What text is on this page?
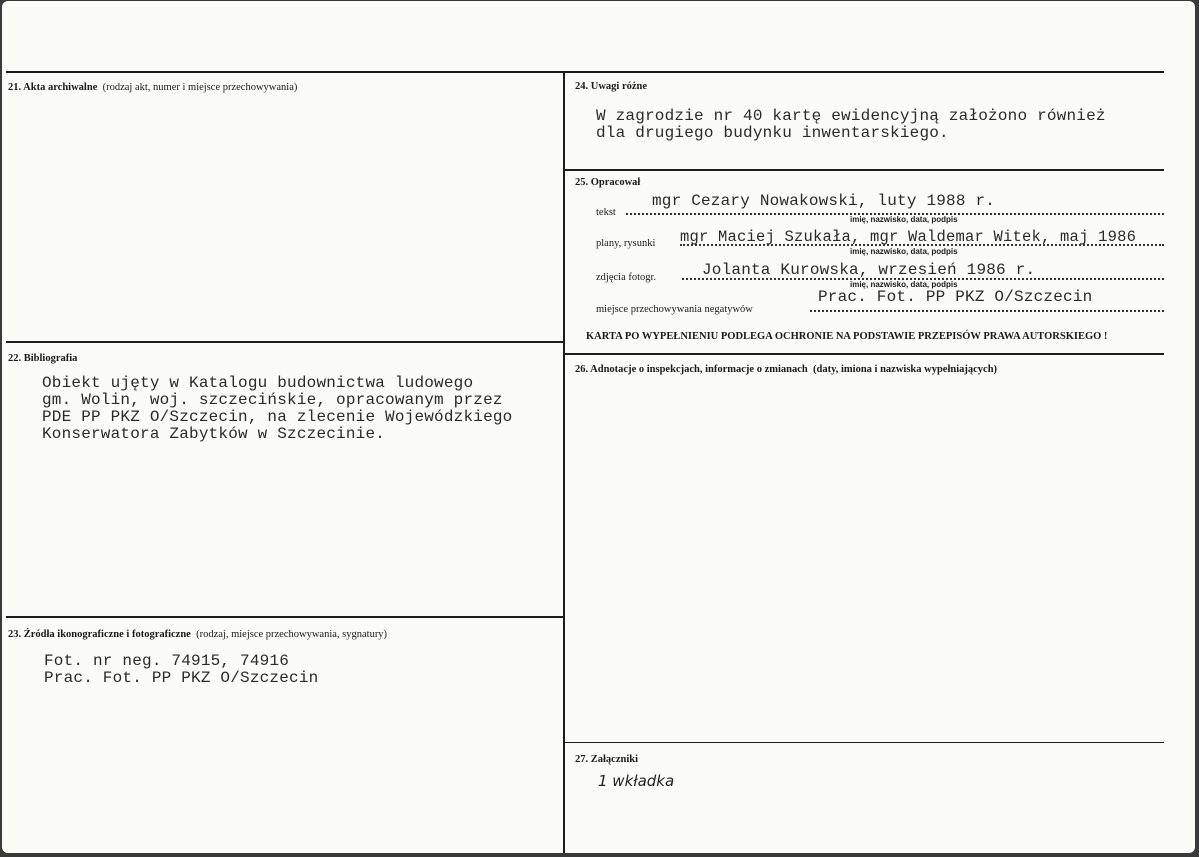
21. Akta archiwalne (rodzaj akt, numer i miejsce przechowywania)
22. Bibliografia
Obiekt ujęty w Katalogu budownictwa ludowego
gm. Wolin, woj. szczecińskie, opracowanym przez
PDE PP PKZ O/Szczecin, na zlecenie Wojewódzkiego
Konserwatora Zabytków w Szczecinie.
23. Źródła ikonograficzne i fotograficzne (rodzaj, miejsce przechowywania, sygnatury)
Fot. nr neg. 74915, 74916
Prac. Fot. PP PKZ O/Szczecin
24. Uwagi różne
W zagrodzie nr 40 kartę ewidencyjną założono również
dla drugiego budynku inwentarskiego.
25. Opracował
tekst
mgr Cezary Nowakowski, luty 1988 r.
imię, nazwisko, data, podpis
plany, rysunki mgr Maciej Szukała, mgr Waldemar Witek, maj 1986
imię, nazwisko, data, podpis
zdjęcia fotogr.	Jolanta Kurowska, wrzesień 1986 r.
imię, nazwisko, data, podpis
miejsce przechowywania negatywów
Prac. Fot. PP PKZ O/Szczecin
KARTA PO WYPEŁNIENIU PODLEGA OCHRONIE NA PODSTAWIE PRZEPISÓW PRAWA AUTORSKIEGO !
26. Adnotacje o inspekcjach, informacje o zmianach (daty, imiona i nazwiska wypełniających)
27. Załączniki
1 wkładka
